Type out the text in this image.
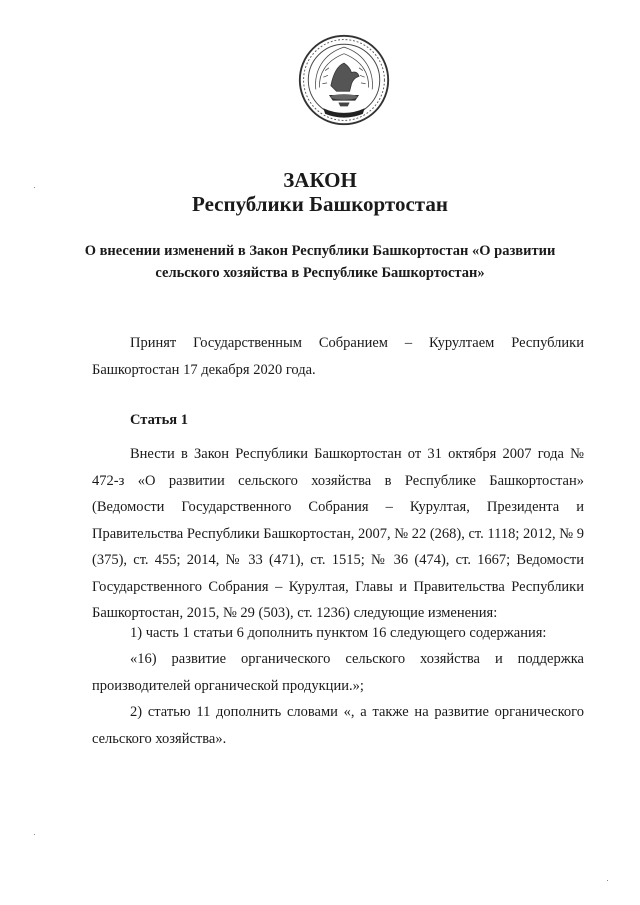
ЗАКОН
Республики Башкортостан
О внесении изменений в Закон Республики Башкортостан «О развитии
сельского хозяйства в Республике Башкортостан»

Принят Государственным Собранием – Курултаем Республики Башкортостан 17 декабря 2020 года.

Статья 1

Внести в Закон Республики Башкортостан от 31 октября 2007 года № 472-з «О развитии сельского хозяйства в Республике Башкортостан» (Ведомости Государственного Собрания – Курултая, Президента и Правительства Республики Башкортостан, 2007, № 22 (268), ст. 1118; 2012, № 9 (375), ст. 455; 2014, № 33 (471), ст. 1515; № 36 (474), ст. 1667; Ведомости Государственного Собрания – Курултая, Главы и Правительства Республики Башкортостан, 2015, № 29 (503), ст. 1236) следующие изменения:

1) часть 1 статьи 6 дополнить пунктом 16 следующего содержания:

«16) развитие органического сельского хозяйства и поддержка производителей органической продукции.»;

2) статью 11 дополнить словами «, а также на развитие органического сельского хозяйства».
